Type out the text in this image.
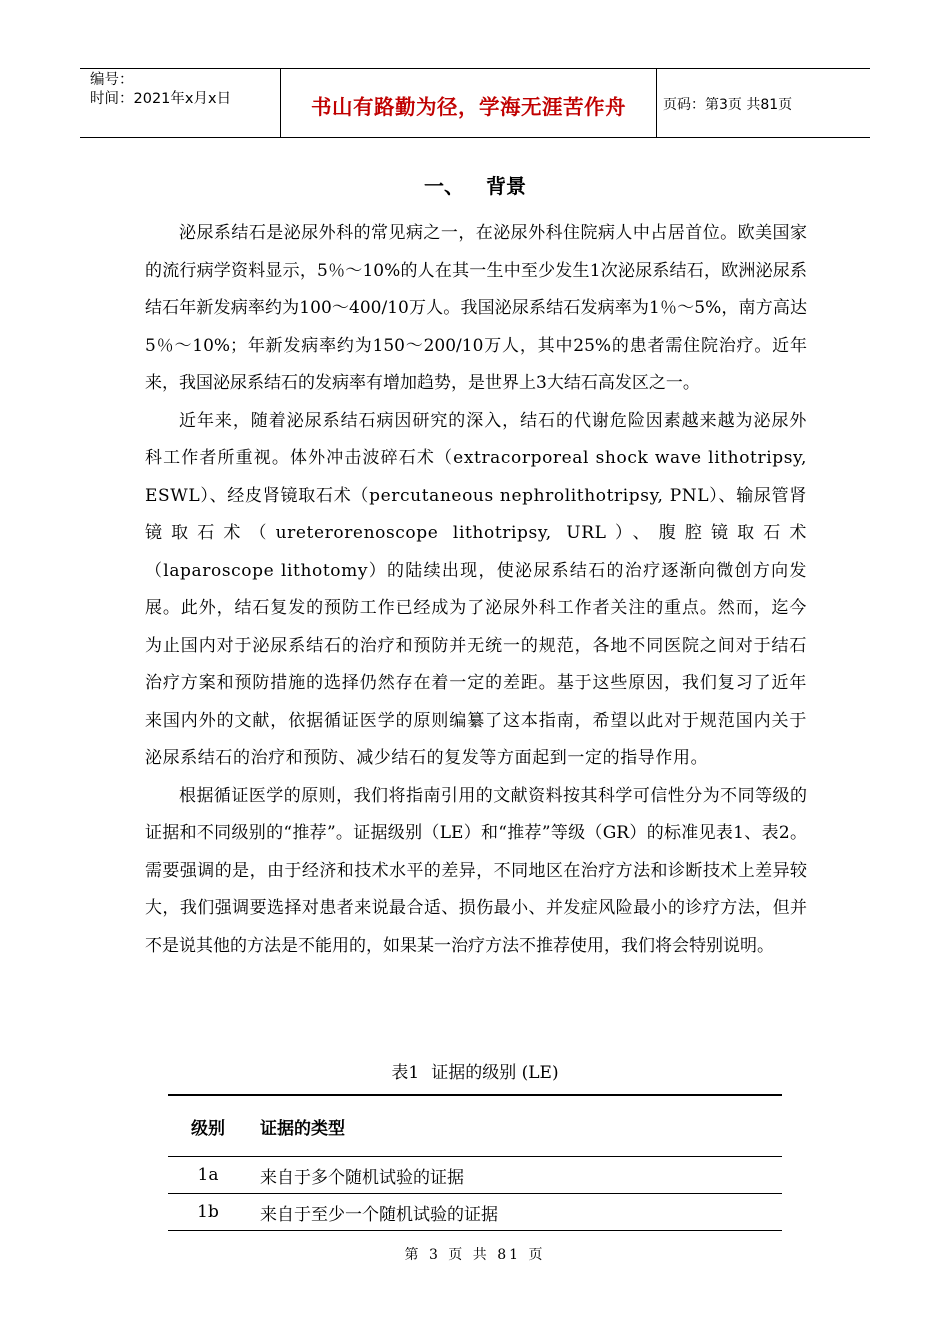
编号：
时间：2021年x月x日	书山有路勤为径，学海无涯苦作舟	页码：第3页 共81页
一、 背景

泌尿系结石是泌尿外科的常见病之一，在泌尿外科住院病人中占居首位。欧美国家的流行病学资料显示，5％～10%的人在其一生中至少发生1次泌尿系结石，欧洲泌尿系结石年新发病率约为100～400/10万人。我国泌尿系结石发病率为1％～5%，南方高达5％～10%；年新发病率约为150～200/10万人，其中25%的患者需住院治疗。近年来，我国泌尿系结石的发病率有增加趋势，是世界上3大结石高发区之一。

近年来，随着泌尿系结石病因研究的深入，结石的代谢危险因素越来越为泌尿外科工作者所重视。体外冲击波碎石术（extracorporeal shock wave lithotripsy, ESWL）、经皮肾镜取石术（percutaneous nephrolithotripsy, PNL）、输尿管肾镜取石术（ureterorenoscope lithotripsy, URL）、腹腔镜取石术（laparoscope lithotomy）的陆续出现，使泌尿系结石的治疗逐渐向微创方向发展。此外，结石复发的预防工作已经成为了泌尿外科工作者关注的重点。然而，迄今为止国内对于泌尿系结石的治疗和预防并无统一的规范，各地不同医院之间对于结石治疗方案和预防措施的选择仍然存在着一定的差距。基于这些原因，我们复习了近年来国内外的文献，依据循证医学的原则编纂了这本指南，希望以此对于规范国内关于泌尿系结石的治疗和预防、减少结石的复发等方面起到一定的指导作用。

根据循证医学的原则，我们将指南引用的文献资料按其科学可信性分为不同等级的证据和不同级别的“推荐”。证据级别（LE）和“推荐”等级（GR）的标准见表1、表2。需要强调的是，由于经济和技术水平的差异，不同地区在治疗方法和诊断技术上差异较大，我们强调要选择对患者来说最合适、损伤最小、并发症风险最小的诊疗方法，但并不是说其他的方法是不能用的，如果某一治疗方法不推荐使用，我们将会特别说明。

表1 证据的级别 (LE)
级别	证据的类型
1a	来自于多个随机试验的证据
1b	来自于至少一个随机试验的证据
第 3 页 共 81 页
